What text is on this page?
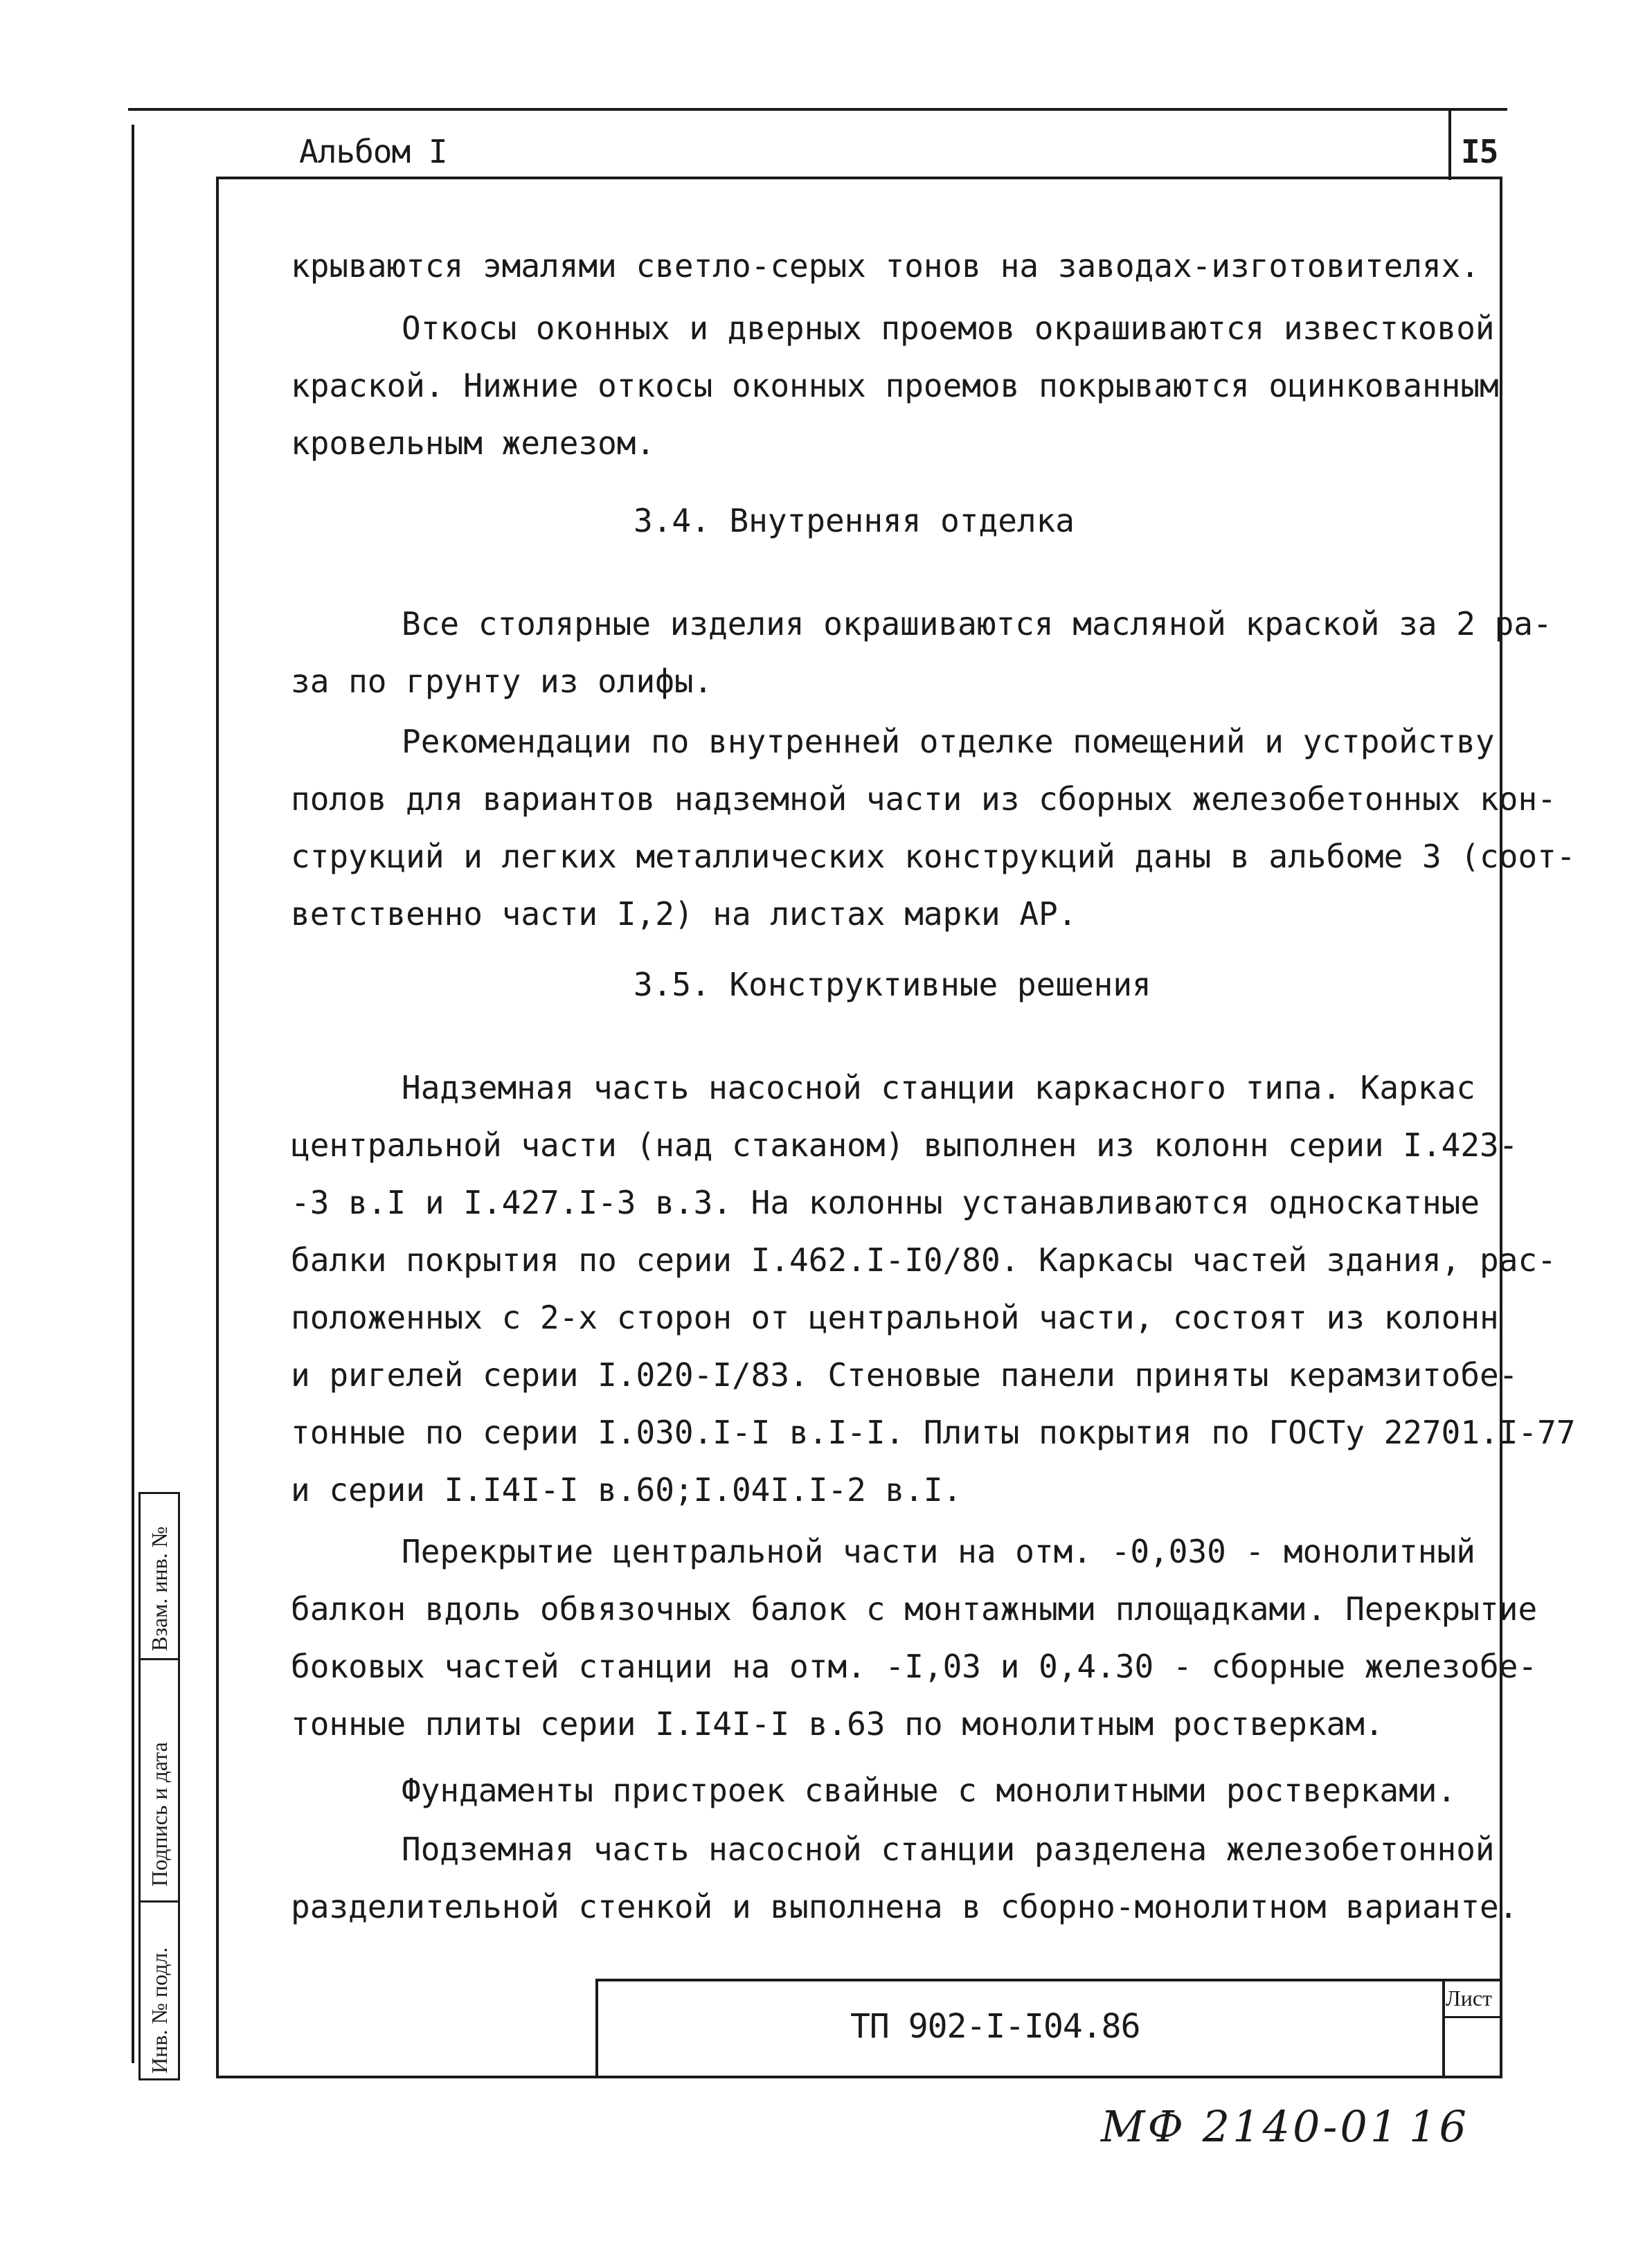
Альбом I	I5
крываются эмалями светло-серых тонов на заводах-изготовителях.
Откосы оконных и дверных проемов окрашиваются известковой
краской. Нижние откосы оконных проемов покрываются оцинкованным
кровельным железом.
3.4. Внутренняя отделка
Все столярные изделия окрашиваются масляной краской за 2 ра-
за по грунту из олифы.
Рекомендации по внутренней отделке помещений и устройству
полов для вариантов надземной части из сборных железобетонных кон-
струкций и легких металлических конструкций даны в альбоме 3 (соот-
ветственно части I,2) на листах марки АР.
3.5. Конструктивные решения
Надземная часть насосной станции каркасного типа. Каркас
центральной части (над стаканом) выполнен из колонн серии I.423-
-3 в.I и I.427.I-3 в.3. На колонны устанавливаются односкатные
балки покрытия по серии I.462.I-I0/80. Каркасы частей здания, рас-
положенных с 2-х сторон от центральной части, состоят из колонн
и ригелей серии I.020-I/83. Стеновые панели приняты керамзитобе-
тонные по серии I.030.I-I в.I-I. Плиты покрытия по ГОСТу 22701.I-77
и серии I.I4I-I в.60;I.04I.I-2 в.I.
Перекрытие центральной части на отм. -0,030 - монолитный
балкон вдоль обвязочных балок с монтажными площадками. Перекрытие
боковых частей станции на отм. -I,03 и 0,4.30 - сборные железобе-
тонные плиты серии I.I4I-I в.63 по монолитным ростверкам.
Фундаменты пристроек свайные с монолитными ростверками.
Подземная часть насосной станции разделена железобетонной
разделительной стенкой и выполнена в сборно-монолитном варианте.
ТП 902-I-I04.86
Лист
Взам. инв. №
Подпись и дата
Инв. № подл.
МФ 2140-01 16
